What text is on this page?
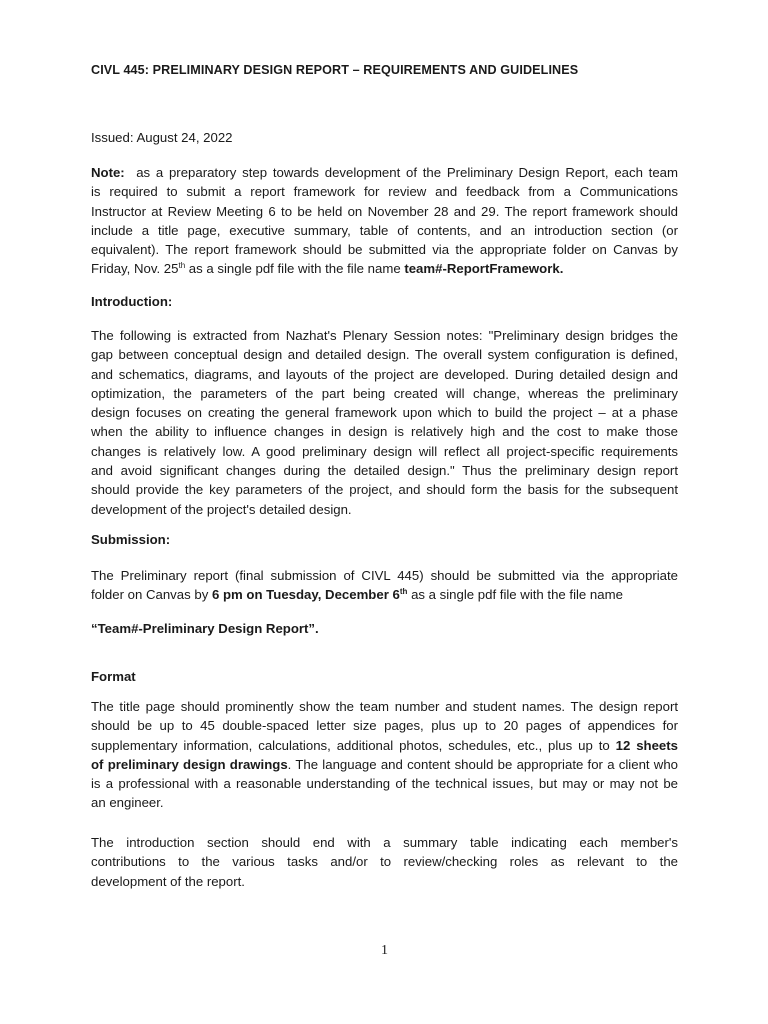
CIVL 445: PRELIMINARY DESIGN REPORT – REQUIREMENTS AND GUIDELINES
Issued: August 24, 2022
Note: as a preparatory step towards development of the Preliminary Design Report, each team
is required to submit a report framework for review and feedback from a Communications
Instructor at Review Meeting 6 to be held on November 28 and 29. The report framework should
include a title page, executive summary, table of contents, and an introduction section (or
equivalent). The report framework should be submitted via the appropriate folder on Canvas by
Friday, Nov. 25th as a single pdf file with the file name team#-ReportFramework.
Introduction:
The following is extracted from Nazhat's Plenary Session notes: "Preliminary design bridges the
gap between conceptual design and detailed design. The overall system configuration is defined,
and schematics, diagrams, and layouts of the project are developed. During detailed design and
optimization, the parameters of the part being created will change, whereas the preliminary
design focuses on creating the general framework upon which to build the project – at a phase
when the ability to influence changes in design is relatively high and the cost to make those
changes is relatively low. A good preliminary design will reflect all project-specific requirements
and avoid significant changes during the detailed design." Thus the preliminary design report
should provide the key parameters of the project, and should form the basis for the subsequent
development of the project's detailed design.
Submission:
The Preliminary report (final submission of CIVL 445) should be submitted via the appropriate
folder on Canvas by 6 pm on Tuesday, December 6th as a single pdf file with the file name
“Team#-Preliminary Design Report”.
Format
The title page should prominently show the team number and student names. The design report
should be up to 45 double-spaced letter size pages, plus up to 20 pages of appendices for
supplementary information, calculations, additional photos, schedules, etc., plus up to 12 sheets
of preliminary design drawings. The language and content should be appropriate for a client who
is a professional with a reasonable understanding of the technical issues, but may or may not be
an engineer.
The introduction section should end with a summary table indicating each member's
contributions to the various tasks and/or to review/checking roles as relevant to the
development of the report.
1
